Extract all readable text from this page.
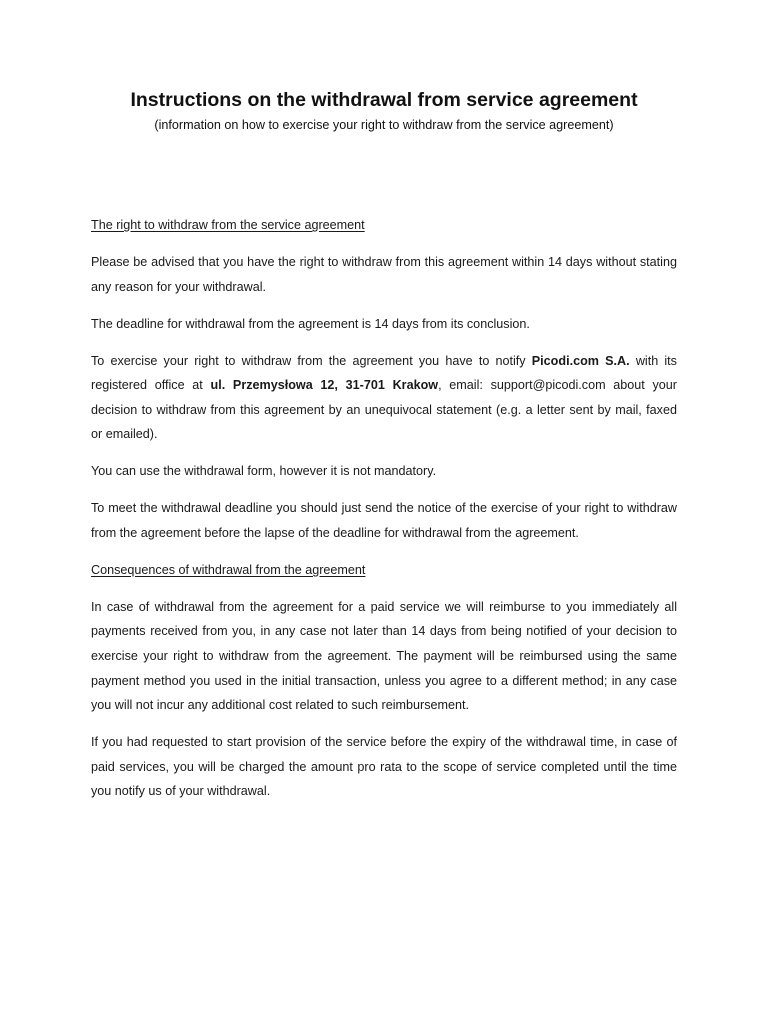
Instructions on the withdrawal from service agreement

(information on how to exercise your right to withdraw from the service agreement)

The right to withdraw from the service agreement

Please be advised that you have the right to withdraw from this agreement within 14 days without stating any reason for your withdrawal.

The deadline for withdrawal from the agreement is 14 days from its conclusion.

To exercise your right to withdraw from the agreement you have to notify Picodi.com S.A. with its registered office at ul. Przemysłowa 12, 31-701 Krakow, email: support@picodi.com about your decision to withdraw from this agreement by an unequivocal statement (e.g. a letter sent by mail, faxed or emailed).

You can use the withdrawal form, however it is not mandatory.

To meet the withdrawal deadline you should just send the notice of the exercise of your right to withdraw from the agreement before the lapse of the deadline for withdrawal from the agreement.

Consequences of withdrawal from the agreement

In case of withdrawal from the agreement for a paid service we will reimburse to you immediately all payments received from you, in any case not later than 14 days from being notified of your decision to exercise your right to withdraw from the agreement. The payment will be reimbursed using the same payment method you used in the initial transaction, unless you agree to a different method; in any case you will not incur any additional cost related to such reimbursement.

If you had requested to start provision of the service before the expiry of the withdrawal time, in case of paid services, you will be charged the amount pro rata to the scope of service completed until the time you notify us of your withdrawal.
